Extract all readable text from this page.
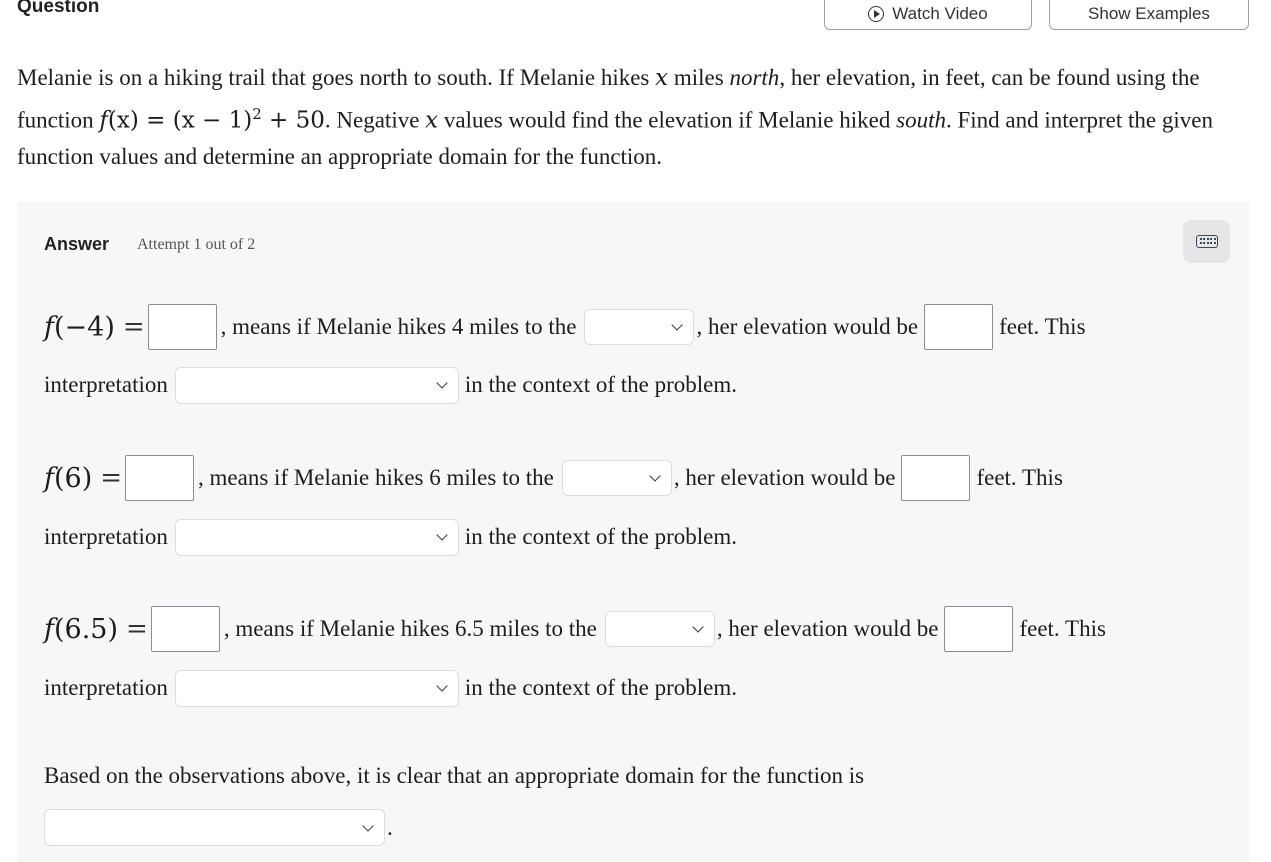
Question	Watch Video	Show Examples
Melanie is on a hiking trail that goes north to south. If Melanie hikes x miles north, her elevation, in feet, can be found using the function $f(x) = (x - 1)^2 + 50$. Negative x values would find the elevation if Melanie hiked south. Find and interpret the given function values and determine an appropriate domain for the function.
Answer Attempt 1 out of 2
f (−4) =	, means if Melanie hikes 4 miles to the	, her elevation would be	feet. This
interpretation	in the context of the problem.
f (6) =	, means if Melanie hikes 6 miles to the	, her elevation would be	feet. This
interpretation	in the context of the problem.
f (6.5) =	, means if Melanie hikes 6.5 miles to the	, her elevation would be	feet. This
interpretation	in the context of the problem.
Based on the observations above, it is clear that an appropriate domain for the function is
.
